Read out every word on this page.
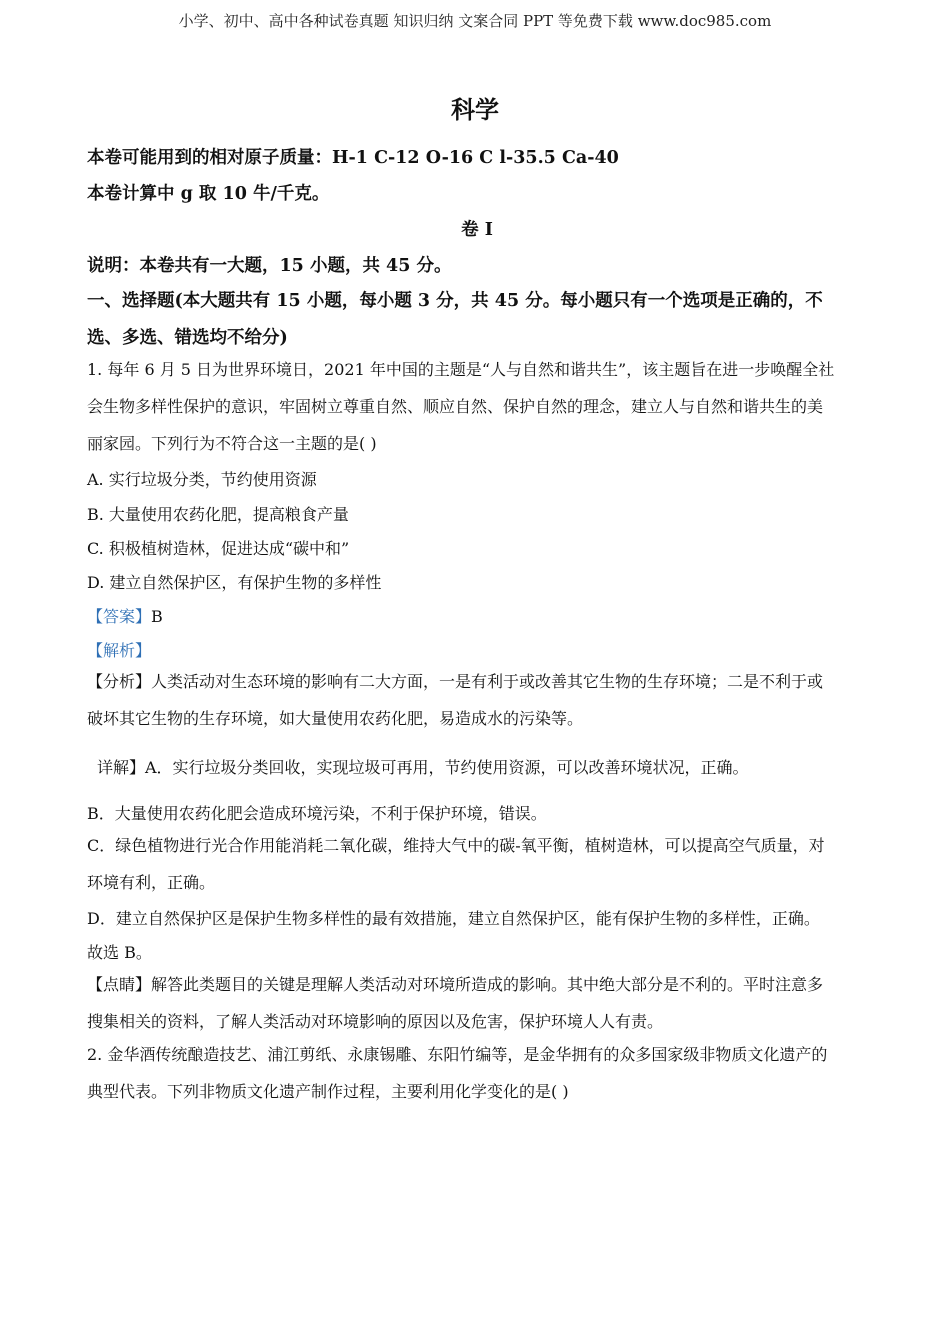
小学、初中、高中各种试卷真题 知识归纳 文案合同 PPT 等免费下载 www.doc985.com
科学
本卷可能用到的相对原子质量：H-1 C-12 O-16 C l-35.5 Ca-40
本卷计算中 g 取 10 牛/千克。
卷 I
说明：本卷共有一大题，15 小题，共 45 分。
一、选择题(本大题共有 15 小题，每小题 3 分，共 45 分。每小题只有一个选项是正确的，不
选、多选、错选均不给分)
1. 每年 6 月 5 日为世界环境日，2021 年中国的主题是“人与自然和谐共生”，该主题旨在进一步唤醒全社
会生物多样性保护的意识，牢固树立尊重自然、顺应自然、保护自然的理念，建立人与自然和谐共生的美
丽家园。下列行为不符合这一主题的是( )
A. 实行垃圾分类，节约使用资源
B. 大量使用农药化肥，提高粮食产量
C. 积极植树造林，促进达成“碳中和”
D. 建立自然保护区，有保护生物的多样性
【答案】B
【解析】
【分析】人类活动对生态环境的影响有二大方面，一是有利于或改善其它生物的生存环境；二是不利于或
破坏其它生物的生存环境，如大量使用农药化肥，易造成水的污染等。
详解】A．实行垃圾分类回收，实现垃圾可再用，节约使用资源，可以改善环境状况，正确。
B．大量使用农药化肥会造成环境污染，不利于保护环境，错误。
C．绿色植物进行光合作用能消耗二氧化碳，维持大气中的碳-氧平衡，植树造林，可以提高空气质量，对
环境有利，正确。
D．建立自然保护区是保护生物多样性的最有效措施，建立自然保护区，能有保护生物的多样性，正确。
故选 B。
【点睛】解答此类题目的关键是理解人类活动对环境所造成的影响。其中绝大部分是不利的。平时注意多
搜集相关的资料，了解人类活动对环境影响的原因以及危害，保护环境人人有责。
2. 金华酒传统酿造技艺、浦江剪纸、永康锡雕、东阳竹编等，是金华拥有的众多国家级非物质文化遗产的
典型代表。下列非物质文化遗产制作过程，主要利用化学变化的是( )
